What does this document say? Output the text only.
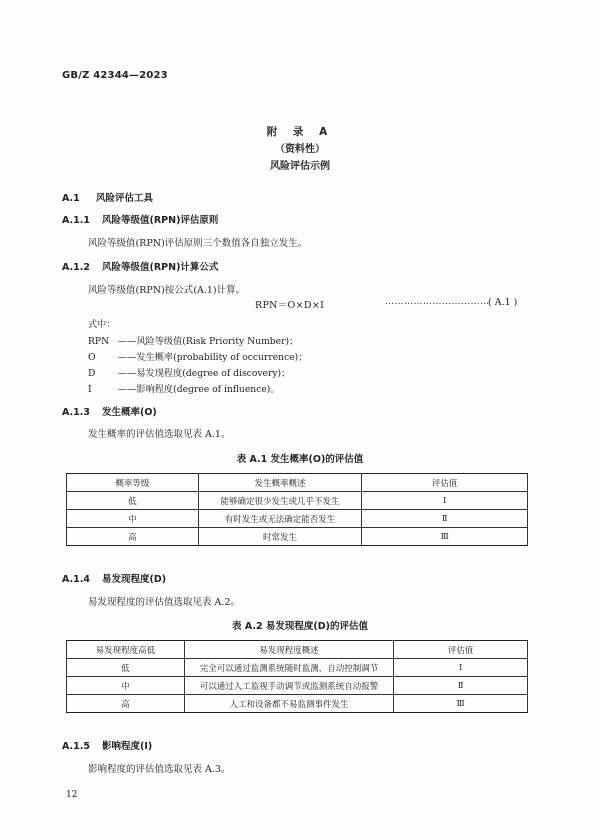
GB/Z 42344—2023
附 录 A
（资料性）
风险评估示例
A.1 风险评估工具
A.1.1 风险等级值(RPN)评估原则
风险等级值(RPN)评估原则三个数值各自独立发生。
A.1.2 风险等级值(RPN)计算公式
风险等级值(RPN)按公式(A.1)计算。
RPN＝O×D×I	……………………………
( A.1 )
式中：
RPN ——风险等级值(Risk Priority Number)；
O ——发生概率(probability of occurrence)；
D ——易发现程度(degree of discovery)；
I	——影响程度(degree of influence)。
A.1.3 发生概率(O)
发生概率的评估值选取见表 A.1。
表 A.1 发生概率(O)的评估值
概率等级	发生概率概述	评估值
低	能够确定很少发生或几乎不发生	Ⅰ
中	有时发生或无法确定能否发生	Ⅱ
高	时常发生	Ⅲ
A.1.4 易发现程度(D)
易发现程度的评估值选取见表 A.2。
表 A.2 易发现程度(D)的评估值
易发现程度高低	易发现程度概述	评估值
低	完全可以通过监测系统随时监测，自动控制调节	Ⅰ
中	可以通过人工监视手动调节或监测系统自动报警	Ⅱ
高	人工和设备都不易监测事件发生	Ⅲ
A.1.5 影响程度(I)
影响程度的评估值选取见表 A.3。
12
